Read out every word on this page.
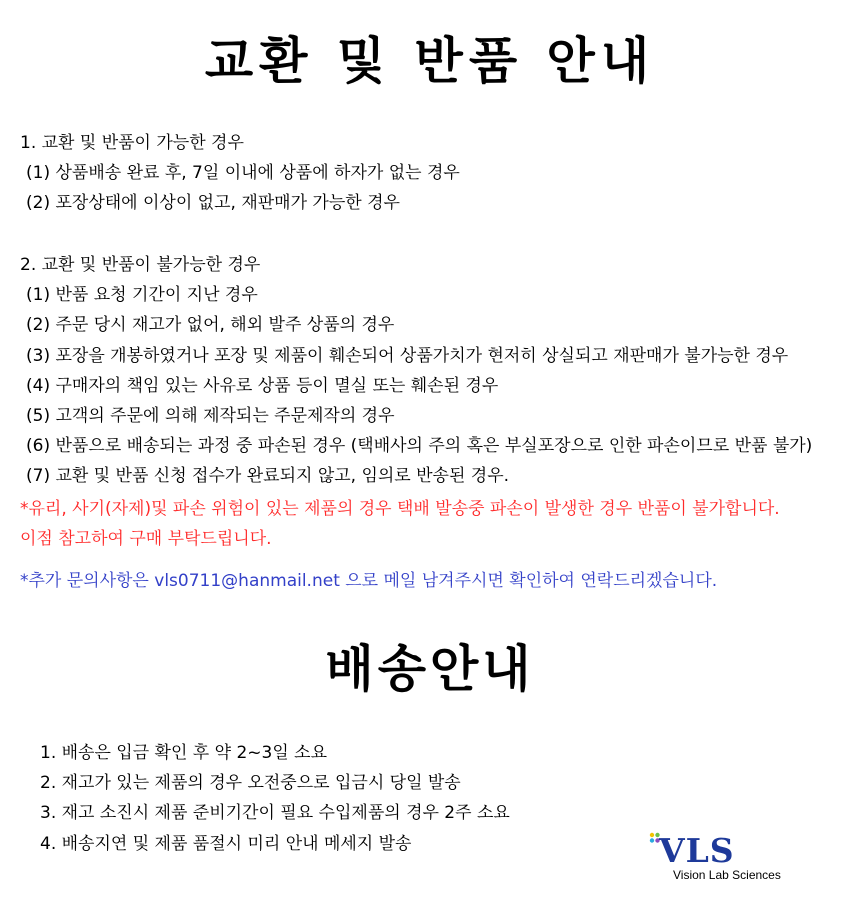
교환 및 반품 안내
1. 교환 및 반품이 가능한 경우
(1) 상품배송 완료 후, 7일 이내에 상품에 하자가 없는 경우
(2) 포장상태에 이상이 없고, 재판매가 가능한 경우
2. 교환 및 반품이 불가능한 경우
(1) 반품 요청 기간이 지난 경우
(2) 주문 당시 재고가 없어, 해외 발주 상품의 경우
(3) 포장을 개봉하였거나 포장 및 제품이 훼손되어 상품가치가 현저히 상실되고 재판매가 불가능한 경우
(4) 구매자의 책임 있는 사유로 상품 등이 멸실 또는 훼손된 경우
(5) 고객의 주문에 의해 제작되는 주문제작의 경우
(6) 반품으로 배송되는 과정 중 파손된 경우 (택배사의 주의 혹은 부실포장으로 인한 파손이므로 반품 불가)
(7) 교환 및 반품 신청 접수가 완료되지 않고, 임의로 반송된 경우.
*유리, 사기(자제)및 파손 위험이 있는 제품의 경우 택배 발송중 파손이 발생한 경우 반품이 불가합니다.
이점 참고하여 구매 부탁드립니다.
*추가 문의사항은 vls0711@hanmail.net 으로 메일 남겨주시면 확인하여 연락드리겠습니다.
배송안내
1. 배송은 입금 확인 후 약 2~3일 소요
2. 재고가 있는 제품의 경우 오전중으로 입금시 당일 발송
3. 재고 소진시 제품 준비기간이 필요 수입제품의 경우 2주 소요
4. 배송지연 및 제품 품절시 미리 안내 메세지 발송	VLS
Vision Lab Sciences
